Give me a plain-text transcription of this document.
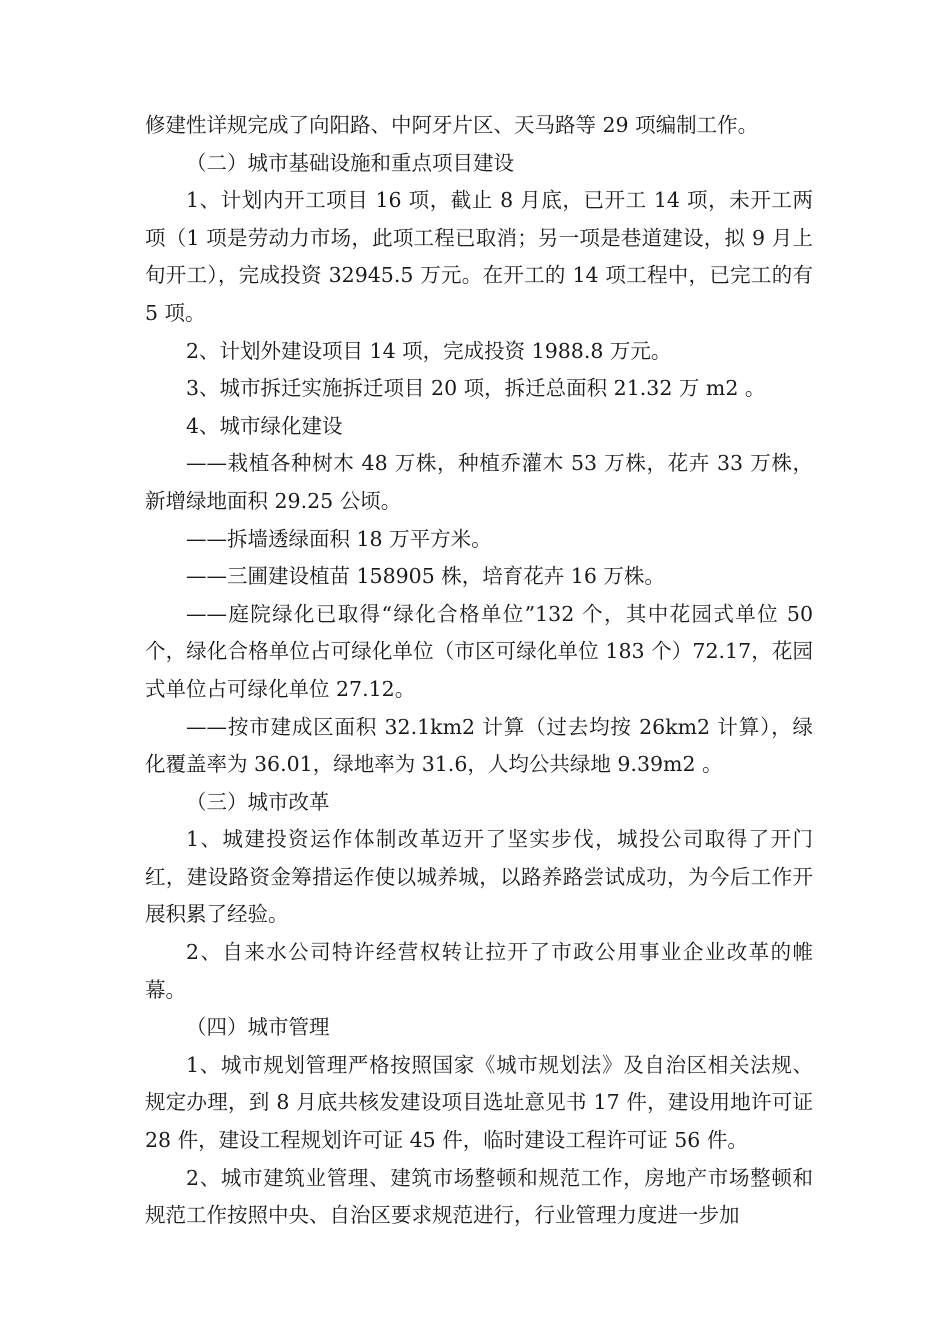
修建性详规完成了向阳路、中阿牙片区、天马路等 29 项编制工作。

（二）城市基础设施和重点项目建设

1、计划内开工项目 16 项，截止 8 月底，已开工 14 项，未开工两项（1 项是劳动力市场，此项工程已取消；另一项是巷道建设，拟 9 月上旬开工），完成投资 32945.5 万元。在开工的 14 项工程中，已完工的有 5 项。

2、计划外建设项目 14 项，完成投资 1988.8 万元。

3、城市拆迁实施拆迁项目 20 项，拆迁总面积 21.32 万 m2 。

4、城市绿化建设

——栽植各种树木 48 万株，种植乔灌木 53 万株，花卉 33 万株，新增绿地面积 29.25 公顷。

——拆墙透绿面积 18 万平方米。

——三圃建设植苗 158905 株，培育花卉 16 万株。

——庭院绿化已取得“绿化合格单位”132 个，其中花园式单位 50 个，绿化合格单位占可绿化单位（市区可绿化单位 183 个）72.17，花园式单位占可绿化单位 27.12。

——按市建成区面积 32.1km2 计算（过去均按 26km2 计算），绿化覆盖率为 36.01，绿地率为 31.6，人均公共绿地 9.39m2 。

（三）城市改革

1、城建投资运作体制改革迈开了坚实步伐，城投公司取得了开门红，建设路资金筹措运作使以城养城，以路养路尝试成功，为今后工作开展积累了经验。

2、自来水公司特许经营权转让拉开了市政公用事业企业改革的帷幕。

（四）城市管理

1、城市规划管理严格按照国家《城市规划法》及自治区相关法规、规定办理，到 8 月底共核发建设项目选址意见书 17 件，建设用地许可证 28 件，建设工程规划许可证 45 件，临时建设工程许可证 56 件。

2、城市建筑业管理、建筑市场整顿和规范工作，房地产市场整顿和规范工作按照中央、自治区要求规范进行，行业管理力度进一步加
